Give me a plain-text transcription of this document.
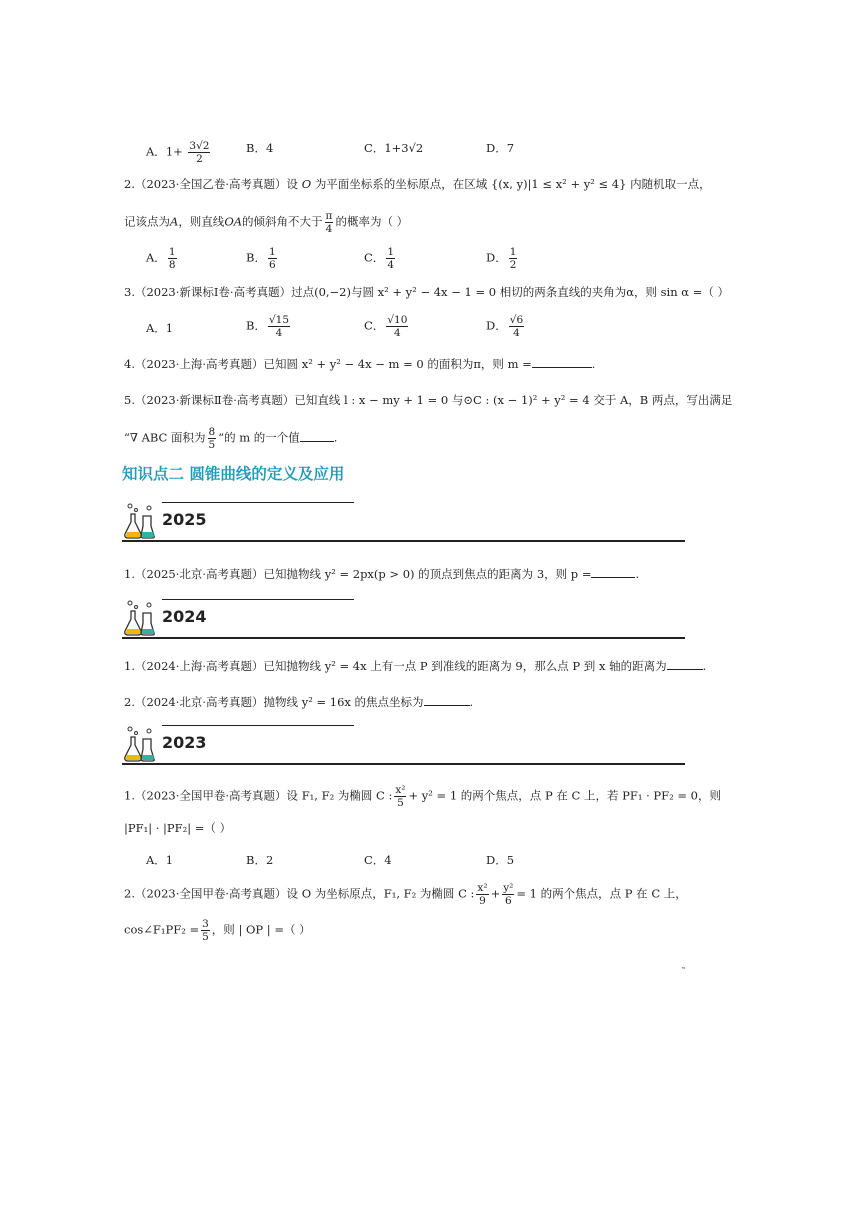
A．$1+ \frac{3√2}{2}$	B．4	C．1+3√2	D．7
2.（2023·全国乙卷·高考真题）设 O 为平面坐标系的坐标原点，在区域 {(x, y)|1 ≤ x² + y² ≤ 4} 内随机取一点，
记该点为A，则直线OA的倾斜角不大于 $\frac{\pi}{4}$ 的概率为（ ）
A． $\frac{1}{8}$	B． $\frac{1}{6}$	C． $\frac{1}{4}$	D． $\frac{1}{2}$
3.（2023·新课标Ⅰ卷·高考真题）过点(0,−2)与圆 x² + y² − 4x − 1 = 0 相切的两条直线的夹角为α，则 sin α =（ ）
A．1	B． $\frac{√15}{4}$	C． $\frac{√10}{4}$	D． $\frac{√6}{4}$
4.（2023·上海·高考真题）已知圆 x² + y² − 4x − m = 0 的面积为π，则 m =	.
5.（2023·新课标Ⅱ卷·高考真题）已知直线 l : x − my + 1 = 0 与⊙C : (x − 1)² + y² = 4 交于 A，B 两点，写出满足
“∇ ABC 面积为 $\frac{8}{5}$ ”的 m 的一个值	.
知识点二 圆锥曲线的定义及应用
2025
1.（2025·北京·高考真题）已知抛物线 y² = 2px(p > 0) 的顶点到焦点的距离为 3，则 p =	.
2024
1.（2024·上海·高考真题）已知抛物线 y² = 4x 上有一点 P 到准线的距离为 9，那么点 P 到 x 轴的距离为	.
2.（2024·北京·高考真题）抛物线 y² = 16x 的焦点坐标为	.
2023
1.（2023·全国甲卷·高考真题）设 F₁, F₂ 为椭圆 C : $\frac{\text{x²}}{5} + y^2 = 1$ 的两个焦点，点 P 在 C 上，若 PF₁ · PF₂ = 0，则
|PF₁| · |PF₂| =（ ）
A．1	B．2	C．4	D．5
2.（2023·全国甲卷·高考真题）设 O 为坐标原点，F₁, F₂ 为椭圆 C : $\frac{\text{x²}}{9} + \frac{\text{y²}}{6} = 1$ 的两个焦点，点 P 在 C 上，
cos∠F₁PF₂ = $\frac{3}{5}$ ，则 | OP | =（ ）
˜
